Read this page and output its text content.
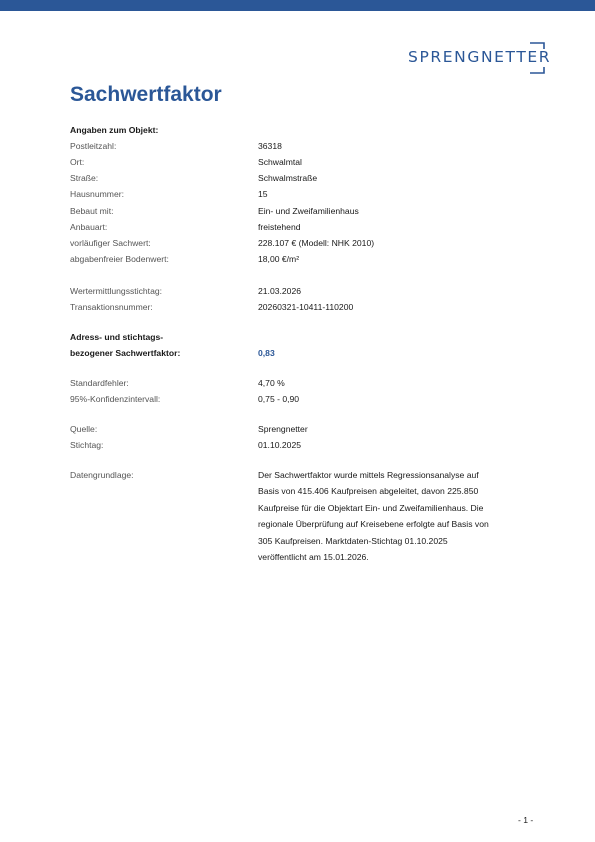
SPRENGNETTER
Sachwertfaktor
Angaben zum Objekt:
Postleitzahl:	36318
Ort:	Schwalmtal
Straße:	Schwalmstraße
Hausnummer:	15
Bebaut mit:	Ein- und Zweifamilienhaus
Anbauart:	freistehend
vorläufiger Sachwert:	228.107 € (Modell: NHK 2010)
abgabenfreier Bodenwert:	18,00 €/m²
Wertermittlungsstichtag:	21.03.2026
Transaktionsnummer:	20260321-10411-110200
Adress- und stichtags-
bezogener Sachwertfaktor:	0,83
Standardfehler:	4,70 %
95%-Konfidenzintervall:	0,75 - 0,90
Quelle:	Sprengnetter
Stichtag:	01.10.2025
Datengrundlage:	Der Sachwertfaktor wurde mittels Regressionsanalyse auf
Basis von 415.406 Kaufpreisen abgeleitet, davon 225.850
Kaufpreise für die Objektart Ein- und Zweifamilienhaus. Die
regionale Überprüfung auf Kreisebene erfolgte auf Basis von
305 Kaufpreisen. Marktdaten-Stichtag 01.10.2025
veröffentlicht am 15.01.2026.
- 1 -
